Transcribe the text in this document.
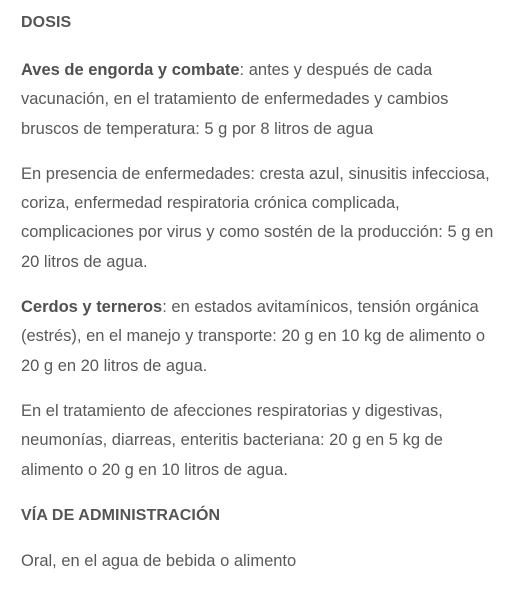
DOSIS

Aves de engorda y combate: antes y después de cada vacunación, en el tratamiento de enfermedades y cambios bruscos de temperatura: 5 g por 8 litros de agua

En presencia de enfermedades: cresta azul, sinusitis infecciosa, coriza, enfermedad respiratoria crónica complicada, complicaciones por virus y como sostén de la producción: 5 g en 20 litros de agua.

Cerdos y terneros: en estados avitamínicos, tensión orgánica (estrés), en el manejo y transporte: 20 g en 10 kg de alimento o 20 g en 20 litros de agua.

En el tratamiento de afecciones respiratorias y digestivas, neumonías, diarreas, enteritis bacteriana: 20 g en 5 kg de alimento o 20 g en 10 litros de agua.

VÍA DE ADMINISTRACIÓN

Oral, en el agua de bebida o alimento
